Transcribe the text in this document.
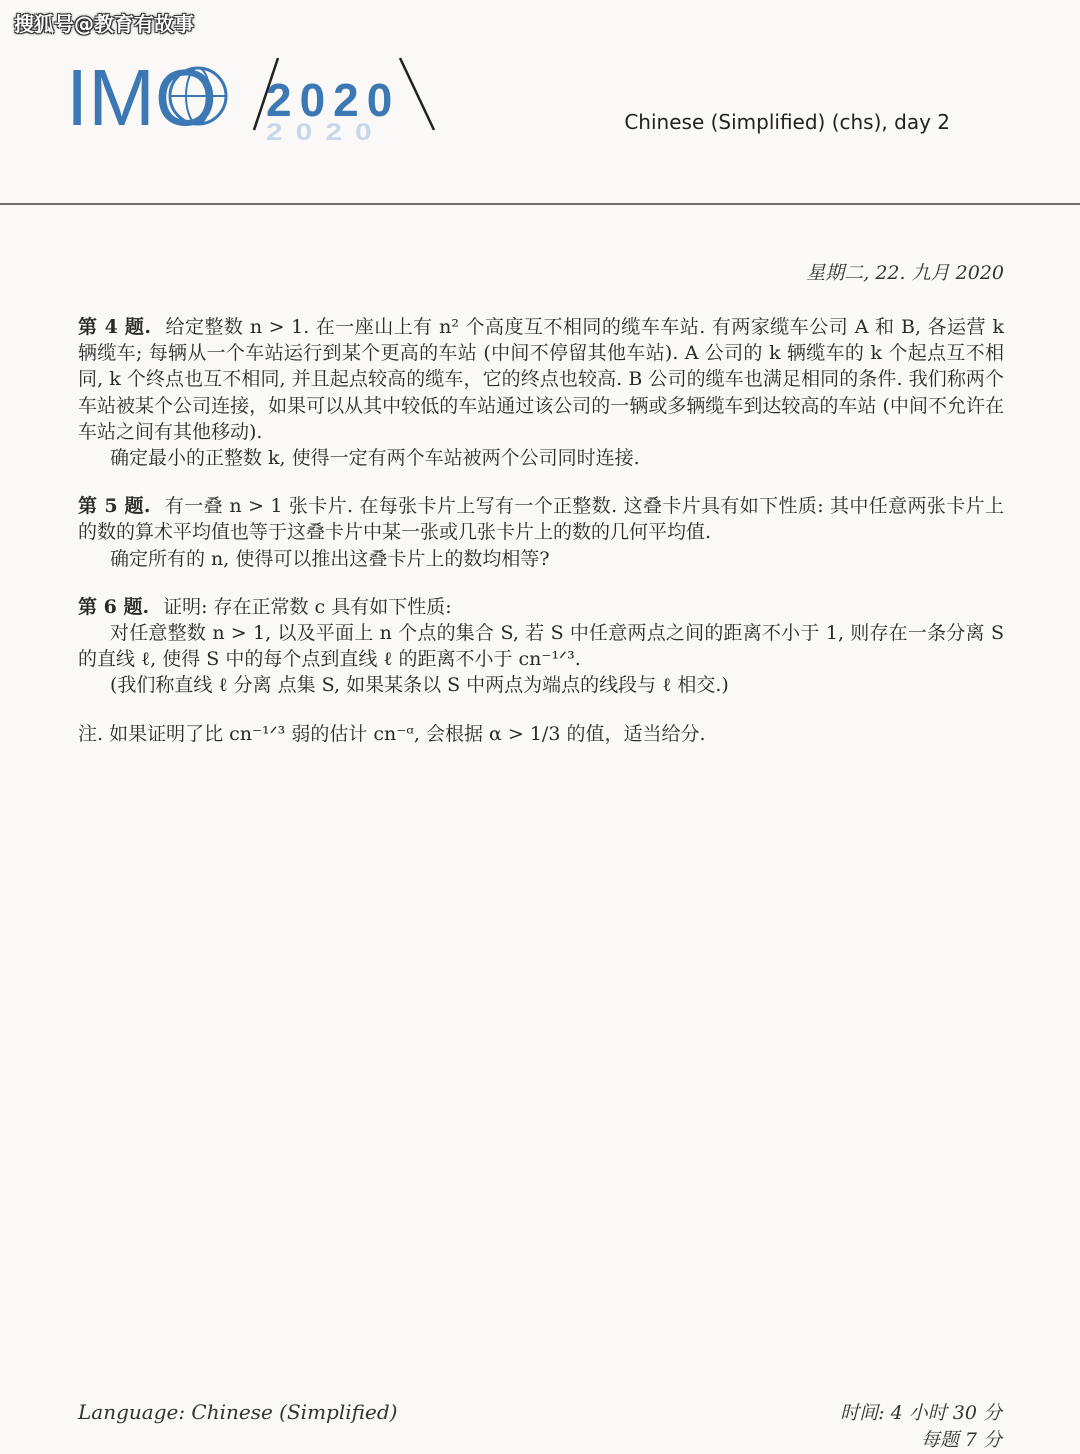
搜狐号@教育有故事
IMO 2020
2020	Chinese (Simplified) (chs), day 2
星期二, 22. 九月 2020

第 4 题. 给定整数 n > 1. 在一座山上有 n² 个高度互不相同的缆车车站. 有两家缆车公司 A 和 B, 各运营 k 辆缆车; 每辆从一个车站运行到某个更高的车站 (中间不停留其他车站). A 公司的 k 辆缆车的 k 个起点互不相同, k 个终点也互不相同, 并且起点较高的缆车，它的终点也较高. B 公司的缆车也满足相同的条件. 我们称两个车站被某个公司连接，如果可以从其中较低的车站通过该公司的一辆或多辆缆车到达较高的车站 (中间不允许在车站之间有其他移动).

确定最小的正整数 k, 使得一定有两个车站被两个公司同时连接.

第 5 题. 有一叠 n > 1 张卡片. 在每张卡片上写有一个正整数. 这叠卡片具有如下性质: 其中任意两张卡片上的数的算术平均值也等于这叠卡片中某一张或几张卡片上的数的几何平均值.

确定所有的 n, 使得可以推出这叠卡片上的数均相等?

第 6 题. 证明: 存在正常数 c 具有如下性质:

对任意整数 n > 1, 以及平面上 n 个点的集合 S, 若 S 中任意两点之间的距离不小于 1, 则存在一条分离 S 的直线 ℓ, 使得 S 中的每个点到直线 ℓ 的距离不小于 cn⁻¹ᐟ³.

(我们称直线 ℓ 分离 点集 S, 如果某条以 S 中两点为端点的线段与 ℓ 相交.)

注. 如果证明了比 cn⁻¹ᐟ³ 弱的估计 cn⁻ᵅ, 会根据 α > 1/3 的值，适当给分.

Language: Chinese (Simplified)	时间: 4 小时 30 分
每题 7 分
